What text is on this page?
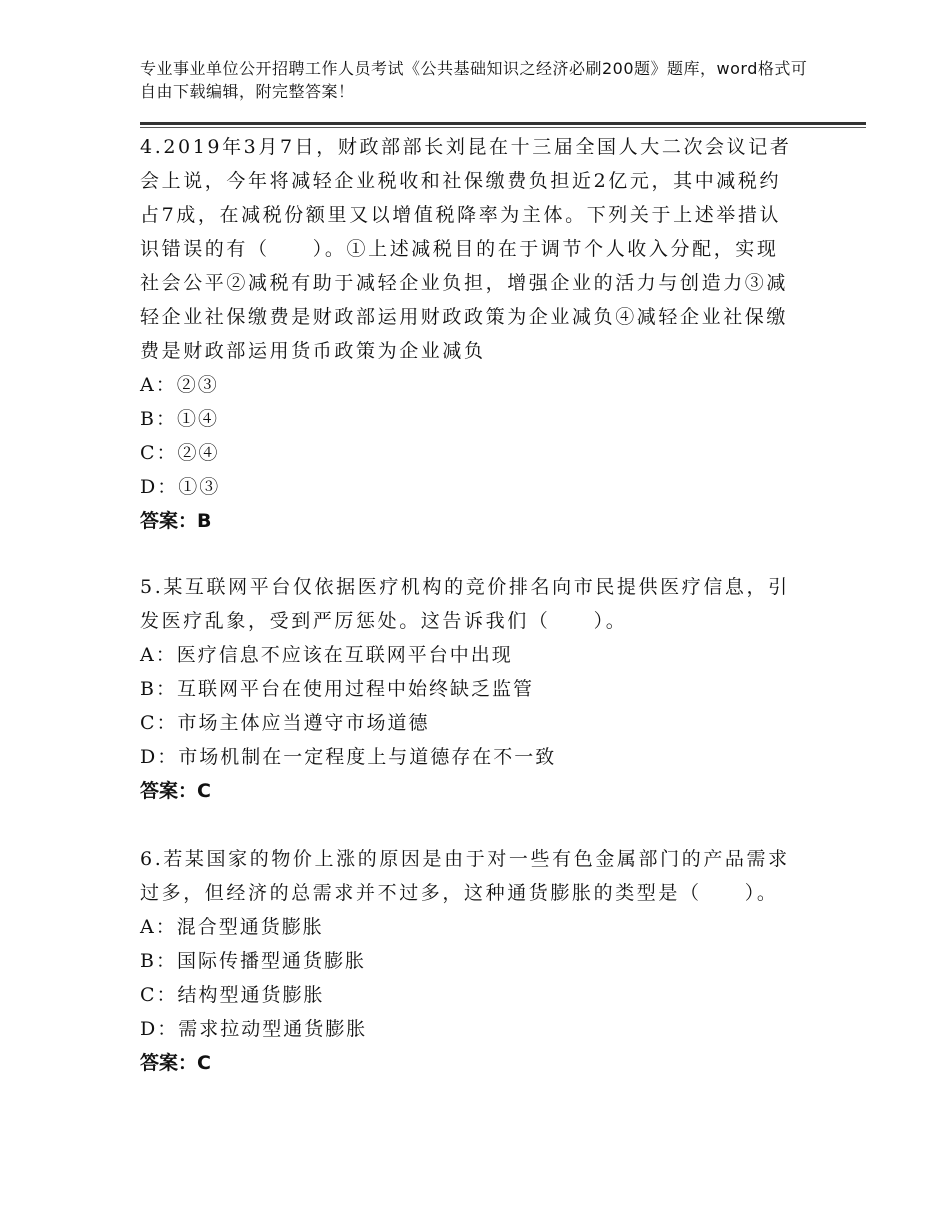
专业事业单位公开招聘工作人员考试《公共基础知识之经济必刷200题》题库，word格式可自由下载编辑，附完整答案！

4.2019年3月7日，财政部部长刘昆在十三届全国人大二次会议记者会上说，今年将减轻企业税收和社保缴费负担近2亿元，其中减税约占7成，在减税份额里又以增值税降率为主体。下列关于上述举措认识错误的有（　　）。①上述减税目的在于调节个人收入分配，实现社会公平②减税有助于减轻企业负担，增强企业的活力与创造力③减轻企业社保缴费是财政部运用财政政策为企业减负④减轻企业社保缴费是财政部运用货币政策为企业减负

A：②③

B：①④

C：②④

D：①③

答案：B

5.某互联网平台仅依据医疗机构的竞价排名向市民提供医疗信息，引发医疗乱象，受到严厉惩处。这告诉我们（　　）。

A：医疗信息不应该在互联网平台中出现

B：互联网平台在使用过程中始终缺乏监管

C：市场主体应当遵守市场道德

D：市场机制在一定程度上与道德存在不一致

答案：C

6.若某国家的物价上涨的原因是由于对一些有色金属部门的产品需求过多，但经济的总需求并不过多，这种通货膨胀的类型是（　　）。

A：混合型通货膨胀

B：国际传播型通货膨胀

C：结构型通货膨胀

D：需求拉动型通货膨胀

答案：C
